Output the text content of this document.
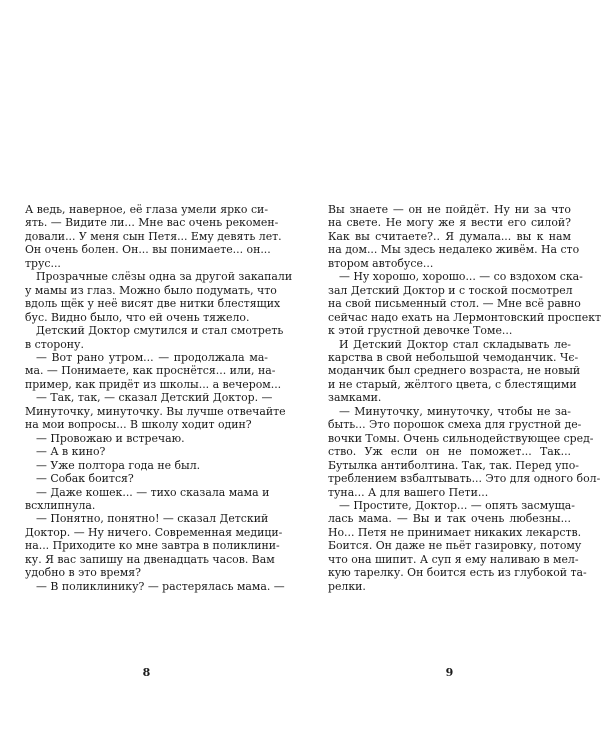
А ведь, наверное, её глаза умели ярко си-
ять. — Видите ли... Мне вас очень рекомен-
довали... У меня сын Петя... Ему девять лет.
Он очень болен. Он... вы понимаете... он...
трус...
Прозрачные слёзы одна за другой закапали
у мамы из глаз. Можно было подумать, что
вдоль щёк у неё висят две нитки блестящих
бус. Видно было, что ей очень тяжело.
Детский Доктор смутился и стал смотреть
в сторону.
— Вот рано утром... — продолжала ма-
ма. — Понимаете, как проснётся... или, на-
пример, как придёт из школы... а вечером...
— Так, так, — сказал Детский Доктор. —
Минуточку, минуточку. Вы лучше отвечайте
на мои вопросы... В школу ходит один?
— Провожаю и встречаю.
— А в кино?
— Уже полтора года не был.
— Собак боится?
— Даже кошек... — тихо сказала мама и
всхлипнула.
— Понятно, понятно! — сказал Детский
Доктор. — Ну ничего. Современная медици-
на... Приходите ко мне завтра в поликлини-
ку. Я вас запишу на двенадцать часов. Вам
удобно в это время?
— В поликлинику? — растерялась мама. —
8
Вы знаете — он не пойдёт. Ну ни за что
на свете. Не могу же я вести его силой?
Как вы считаете?.. Я думала... вы к нам
на дом... Мы здесь недалеко живём. На сто
втором автобусе...
— Ну хорошо, хорошо... — со вздохом ска-
зал Детский Доктор и с тоской посмотрел
на свой письменный стол. — Мне всё равно
сейчас надо ехать на Лермонтовский проспект
к этой грустной девочке Томе...
И Детский Доктор стал складывать ле-
карства в свой небольшой чемоданчик. Чє-
моданчик был среднего возраста, не новый
и не старый, жёлтого цвета, с блестящими
замками.
— Минуточку, минуточку, чтобы не за-
быть... Это порошок смеха для грустной де-
вочки Томы. Очень сильнодействующее сред-
ство. Уж если он не поможет... Так...
Бутылка антиболтина. Так, так. Перед упо-
треблением взбалтывать... Это для одного бол-
туна... А для вашего Пети...
— Простите, Доктор... — опять засмуща-
лась мама. — Вы и так очень любезны...
Но... Петя не принимает никаких лекарств.
Боится. Он даже не пьёт газировку, потому
что она шипит. А суп я ему наливаю в мел-
кую тарелку. Он боится есть из глубокой та-
релки.
9
